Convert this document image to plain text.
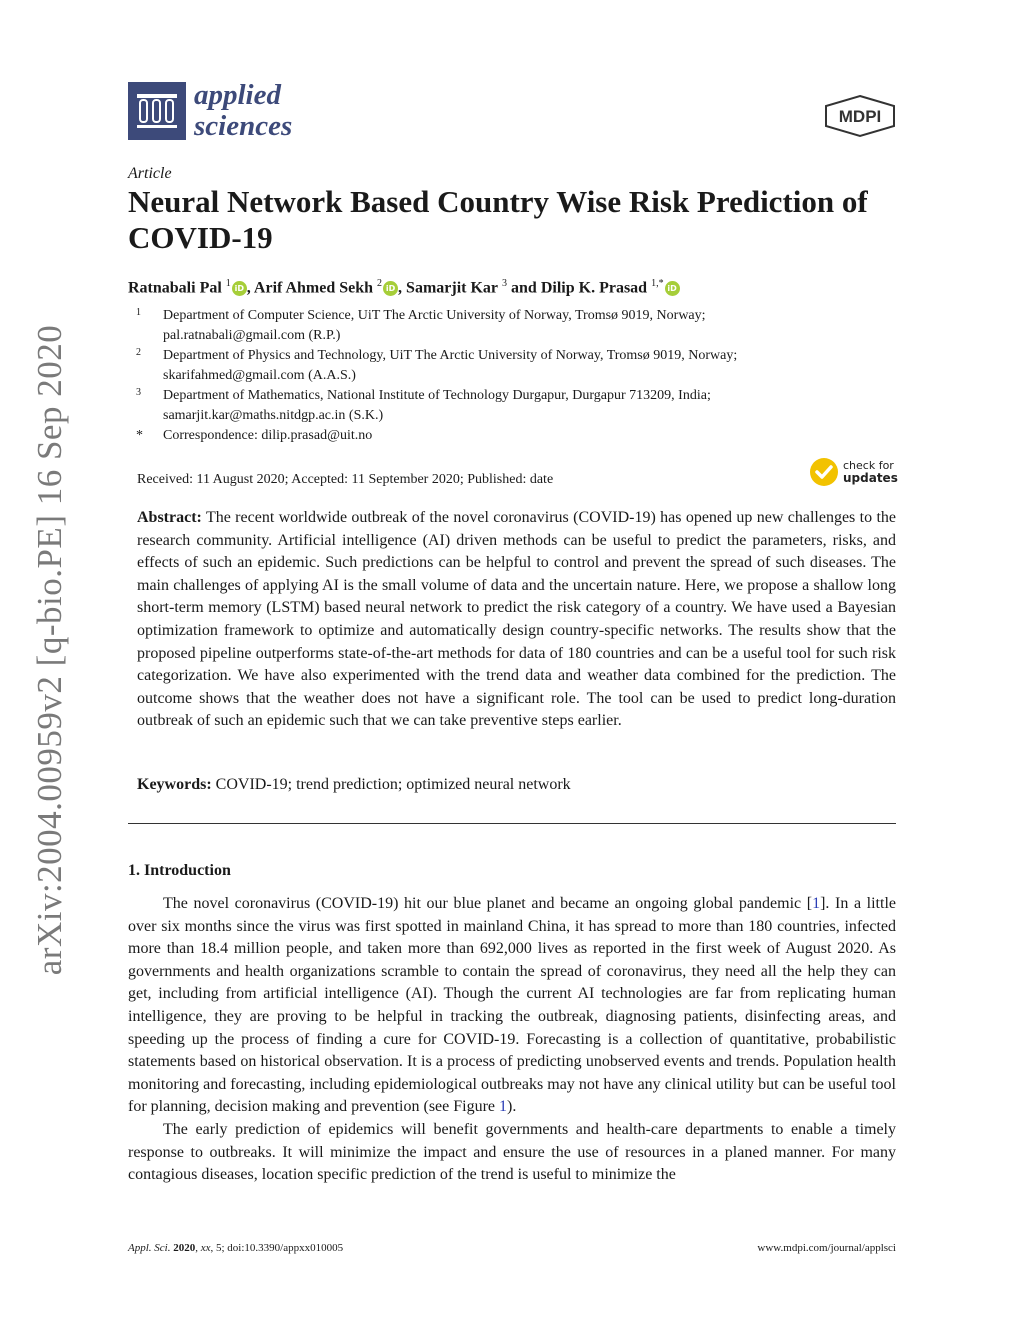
arXiv:2004.00959v2 [q-bio.PE] 16 Sep 2020
applied
sciences	MDPI
Article
Neural Network Based Country Wise Risk Prediction of COVID-19
Ratnabali Pal $^1$ iD , Arif Ahmed Sekh $^2$ iD , Samarjit Kar $^3$ and Dilip K. Prasad $^{1,*}$ iD
1	Department of Computer Science, UiT The Arctic University of Norway, Tromsø 9019, Norway;
pal.ratnabali@gmail.com (R.P.)
2	Department of Physics and Technology, UiT The Arctic University of Norway, Tromsø 9019, Norway;
skarifahmed@gmail.com (A.A.S.)
3	Department of Mathematics, National Institute of Technology Durgapur, Durgapur 713209, India;
samarjit.kar@maths.nitdgp.ac.in (S.K.)
*	Correspondence: dilip.prasad@uit.no
Received: 11 August 2020; Accepted: 11 September 2020; Published: date
check for
updates

Abstract: The recent worldwide outbreak of the novel coronavirus (COVID-19) has opened up new challenges to the research community. Artificial intelligence (AI) driven methods can be useful to predict the parameters, risks, and effects of such an epidemic. Such predictions can be helpful to control and prevent the spread of such diseases. The main challenges of applying AI is the small volume of data and the uncertain nature. Here, we propose a shallow long short-term memory (LSTM) based neural network to predict the risk category of a country. We have used a Bayesian optimization framework to optimize and automatically design country-specific networks. The results show that the proposed pipeline outperforms state-of-the-art methods for data of 180 countries and can be a useful tool for such risk categorization. We have also experimented with the trend data and weather data combined for the prediction. The outcome shows that the weather does not have a significant role. The tool can be used to predict long-duration outbreak of such an epidemic such that we can take preventive steps earlier.

Keywords: COVID-19; trend prediction; optimized neural network

1. Introduction

The novel coronavirus (COVID-19) hit our blue planet and became an ongoing global pandemic [1]. In a little over six months since the virus was first spotted in mainland China, it has spread to more than 180 countries, infected more than 18.4 million people, and taken more than 692,000 lives as reported in the first week of August 2020. As governments and health organizations scramble to contain the spread of coronavirus, they need all the help they can get, including from artificial intelligence (AI). Though the current AI technologies are far from replicating human intelligence, they are proving to be helpful in tracking the outbreak, diagnosing patients, disinfecting areas, and speeding up the process of finding a cure for COVID-19. Forecasting is a collection of quantitative, probabilistic statements based on historical observation. It is a process of predicting unobserved events and trends. Population health monitoring and forecasting, including epidemiological outbreaks may not have any clinical utility but can be useful tool for planning, decision making and prevention (see Figure 1).

The early prediction of epidemics will benefit governments and health-care departments to enable a timely response to outbreaks. It will minimize the impact and ensure the use of resources in a planed manner. For many contagious diseases, location specific prediction of the trend is useful to minimize the

Appl. Sci. 2020, xx, 5; doi:10.3390/appxx010005	www.mdpi.com/journal/applsci
